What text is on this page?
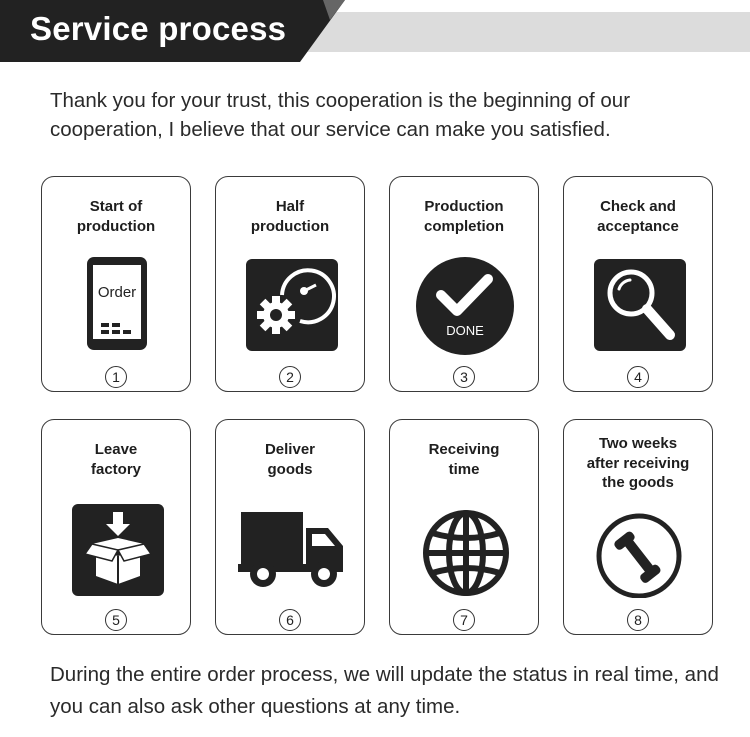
Service process
Thank you for your trust, this cooperation is the beginning of our cooperation, I believe that our service can make you satisfied.
Start of
production
Order
1
Half
production
2
Production
completion
DONE
3
Check and
acceptance
4
Leave
factory
5
Deliver
goods
6
Receiving
time
7
Two weeks
after receiving
the goods
8
During the entire order process, we will update the status in real time, and you can also ask other questions at any time.
